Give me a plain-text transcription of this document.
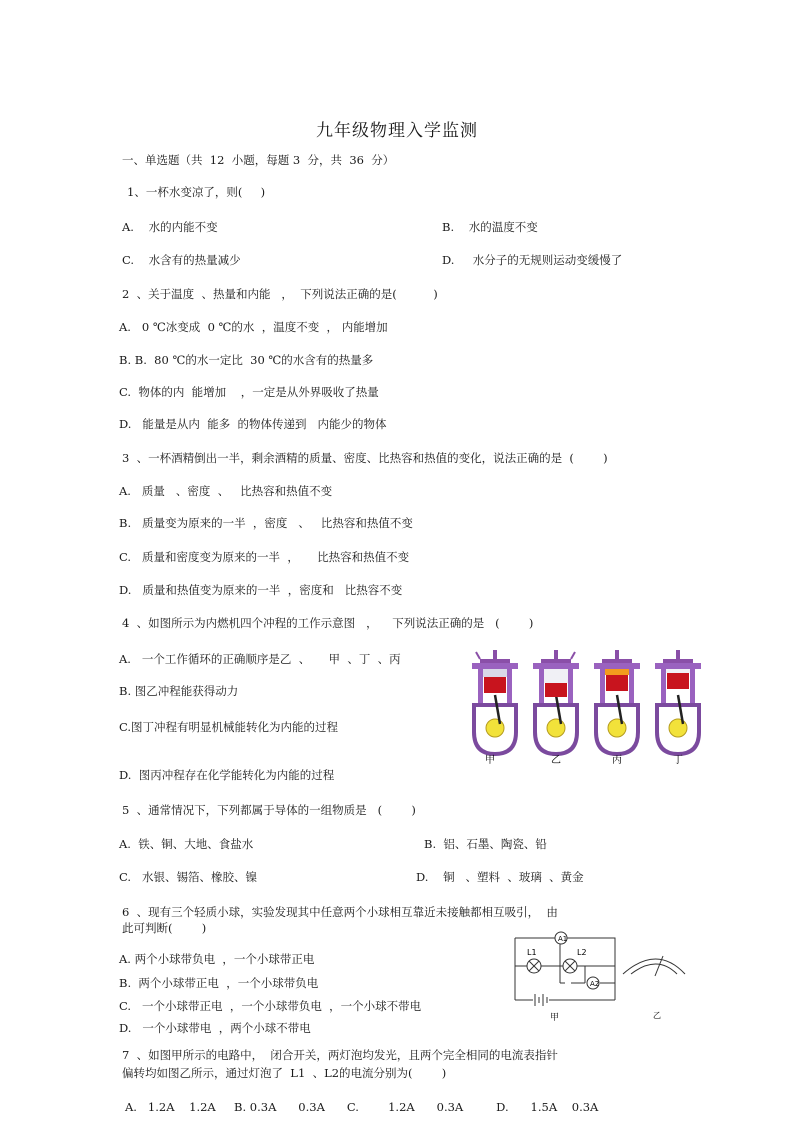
九年级物理入学监测
一、单选题（共  12  小题，每题 3  分，共  36  分）
1、一杯水变凉了，则(     )
A.    水的内能不变	B.    水的温度不变
C.    水含有的热量减少	D.     水分子的无规则运动变缓慢了
2  、关于温度  、热量和内能   ，  下列说法正确的是(          )
A.   0 ℃冰变成  0 ℃的水  ，温度不变  ， 内能增加
B. B.  80 ℃的水一定比  30 ℃的水含有的热量多
C.  物体的内  能增加    ，一定是从外界吸收了热量
D.   能量是从内  能多  的物体传递到   内能少的物体
3  、一杯酒精倒出一半，剩余酒精的质量、密度、比热容和热值的变化，说法正确的是  (        )
A.   质量   、密度  、   比热容和热值不变
B.   质量变为原来的一半  ，密度   、   比热容和热值不变
C.   质量和密度变为原来的一半  ，     比热容和热值不变
D.   质量和热值变为原来的一半  ，密度和   比热容不变
4  、如图所示为内燃机四个冲程的工作示意图   ，    下列说法正确的是   (        )
A.   一个工作循环的正确顺序是乙  、     甲  、丁  、丙
B. 图乙冲程能获得动力
C.图丁冲程有明显机械能转化为内能的过程
D.  图丙冲程存在化学能转化为内能的过程
甲	乙	丙	丁
5  、通常情况下，下列都属于导体的一组物质是   (        )
A.  铁、铜、大地、食盐水	B.  铝、石墨、陶瓷、铅
C.   水银、锡箔、橡胶、镍	D.    铜   、塑料  、玻璃  、黄金
6  、现有三个轻质小球，实验发现其中任意两个小球相互靠近未接触都相互吸引，  由
此可判断(        )
A. 两个小球带负电  ，一个小球带正电
B.  两个小球带正电  ，一个小球带负电
C.   一个小球带正电  ，一个小球带负电  ，一个小球不带电
D.   一个小球带电  ，两个小球不带电
A1
A2
L1	L2
甲	乙
7  、如图甲所示的电路中，  闭合开关，两灯泡均发光，且两个完全相同的电流表指针
偏转均如图乙所示，通过灯泡了  L1  、L2的电流分别为(        )
A.   1.2A    1.2A     B. 0.3A      0.3A      C.        1.2A      0.3A         D.      1.5A    0.3A
